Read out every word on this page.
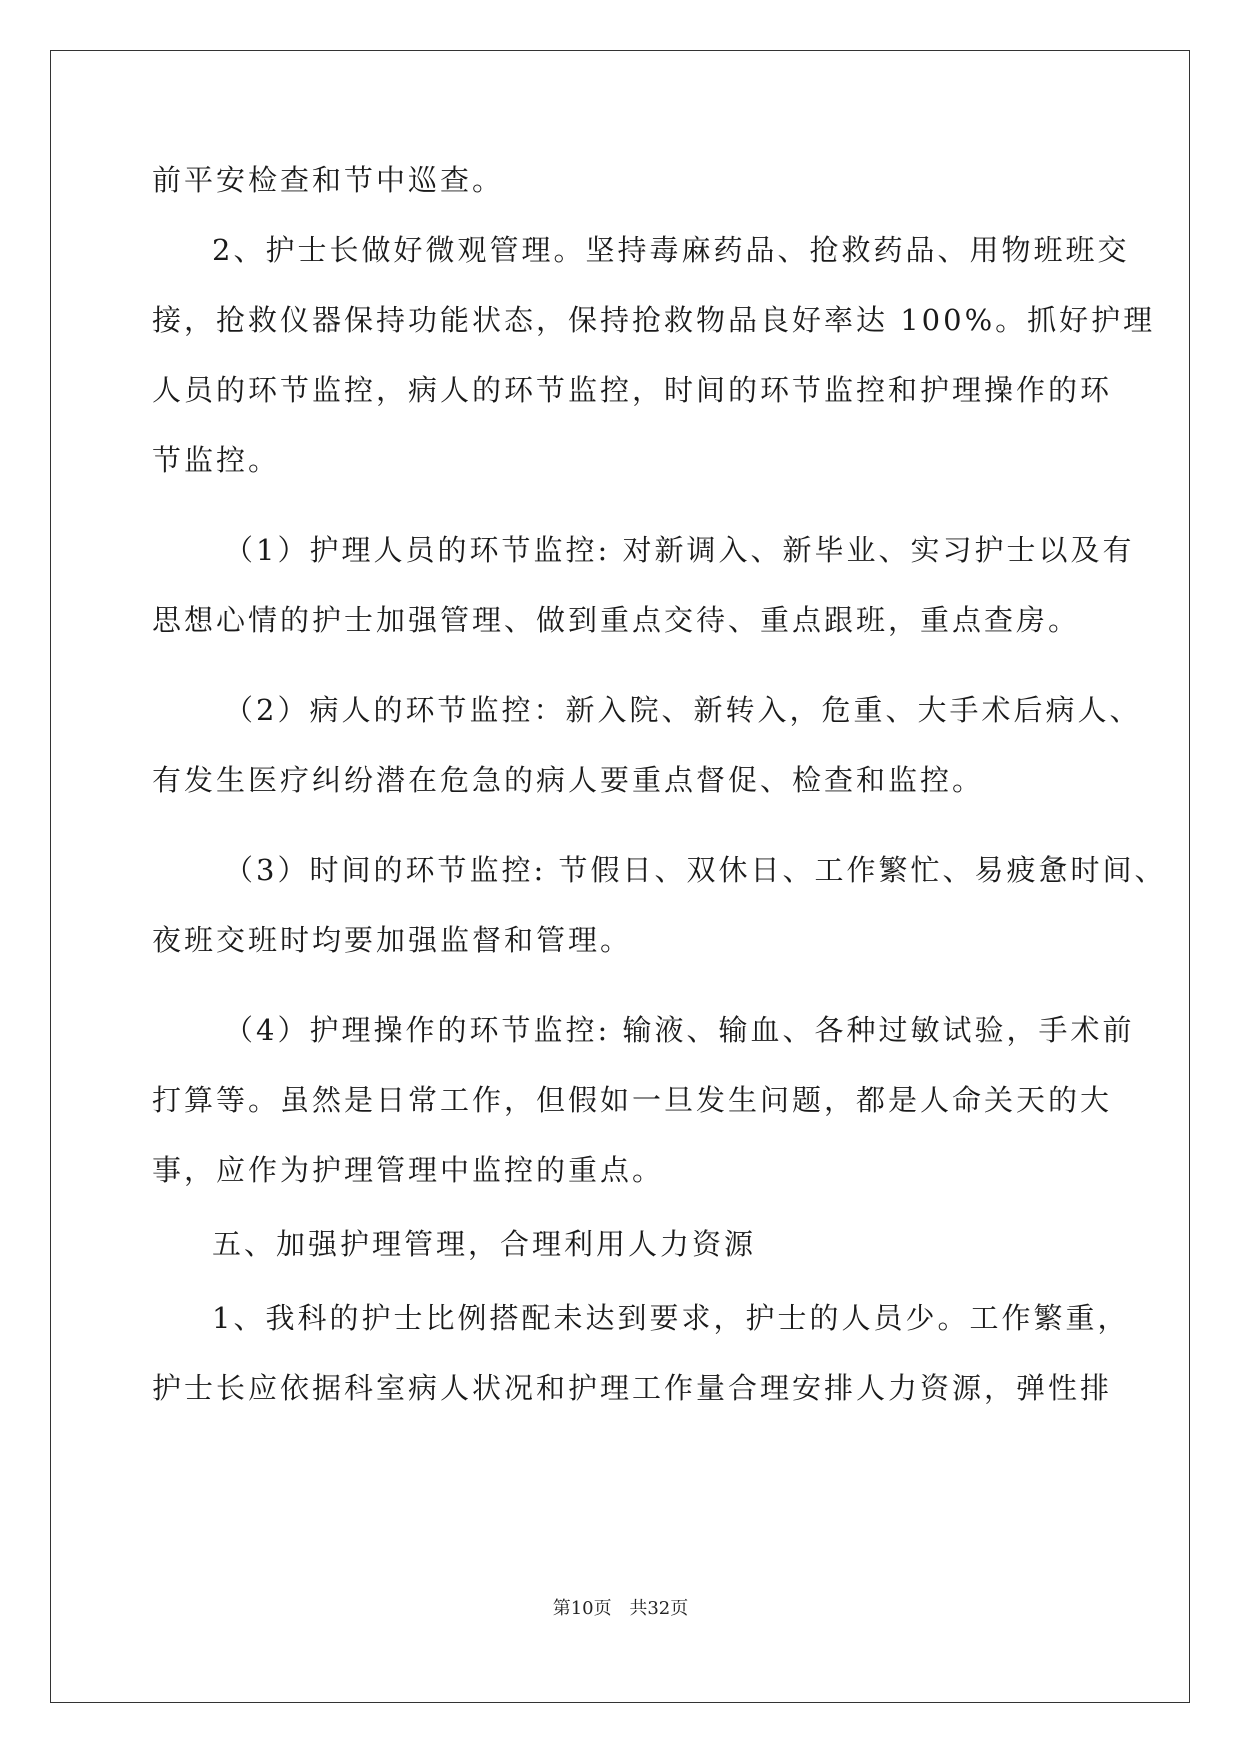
前平安检查和节中巡查。
2、护士长做好微观管理。坚持毒麻药品、抢救药品、用物班班交
接，抢救仪器保持功能状态，保持抢救物品良好率达 100%。抓好护理
人员的环节监控，病人的环节监控，时间的环节监控和护理操作的环
节监控。
（1）护理人员的环节监控: 对新调入、新毕业、实习护士以及有
思想心情的护士加强管理、做到重点交待、重点跟班，重点查房。
（2）病人的环节监控：新入院、新转入，危重、大手术后病人、
有发生医疗纠纷潜在危急的病人要重点督促、检查和监控。
（3）时间的环节监控: 节假日、双休日、工作繁忙、易疲惫时间、
夜班交班时均要加强监督和管理。
（4）护理操作的环节监控: 输液、输血、各种过敏试验，手术前
打算等。虽然是日常工作，但假如一旦发生问题，都是人命关天的大
事，应作为护理管理中监控的重点。
五、加强护理管理，合理利用人力资源
1、我科的护士比例搭配未达到要求，护士的人员少。工作繁重，
护士长应依据科室病人状况和护理工作量合理安排人力资源，弹性排
第10页 共32页
